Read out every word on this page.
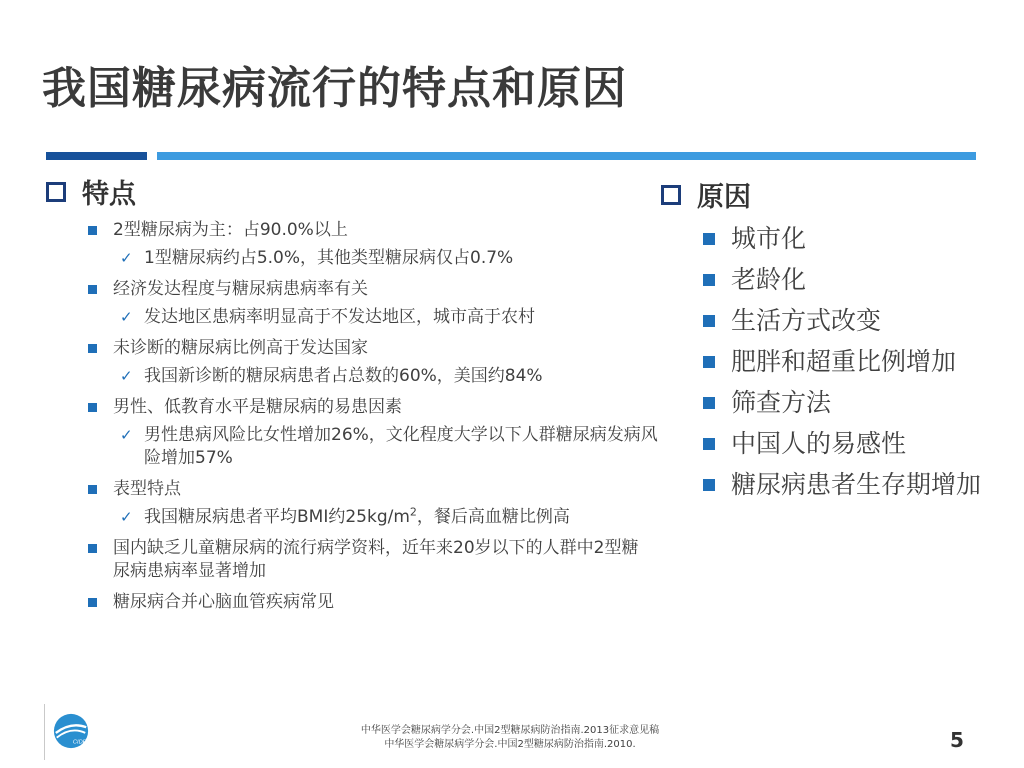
我国糖尿病流行的特点和原因
特点
2型糖尿病为主：占90.0%以上
✓ 1型糖尿病约占5.0%，其他类型糖尿病仅占0.7%
经济发达程度与糖尿病患病率有关
✓ 发达地区患病率明显高于不发达地区，城市高于农村
未诊断的糖尿病比例高于发达国家
✓ 我国新诊断的糖尿病患者占总数的60%，美国约84%
男性、低教育水平是糖尿病的易患因素
✓ 男性患病风险比女性增加26%，文化程度大学以下人群糖尿病发病风险增加57%
表型特点
✓ 我国糖尿病患者平均BMI约$25kg/m^2$，餐后高血糖比例高
国内缺乏儿童糖尿病的流行病学资料，近年来20岁以下的人群中2型糖尿病患病率显著增加
糖尿病合并心脑血管疾病常见
原因
城市化
老龄化
生活方式改变
肥胖和超重比例增加
筛查方法
中国人的易感性
糖尿病患者生存期增加
CIDE
中华医学会糖尿病学分会.中国2型糖尿病防治指南.2013征求意见稿
中华医学会糖尿病学分会.中国2型糖尿病防治指南.2010.	5
